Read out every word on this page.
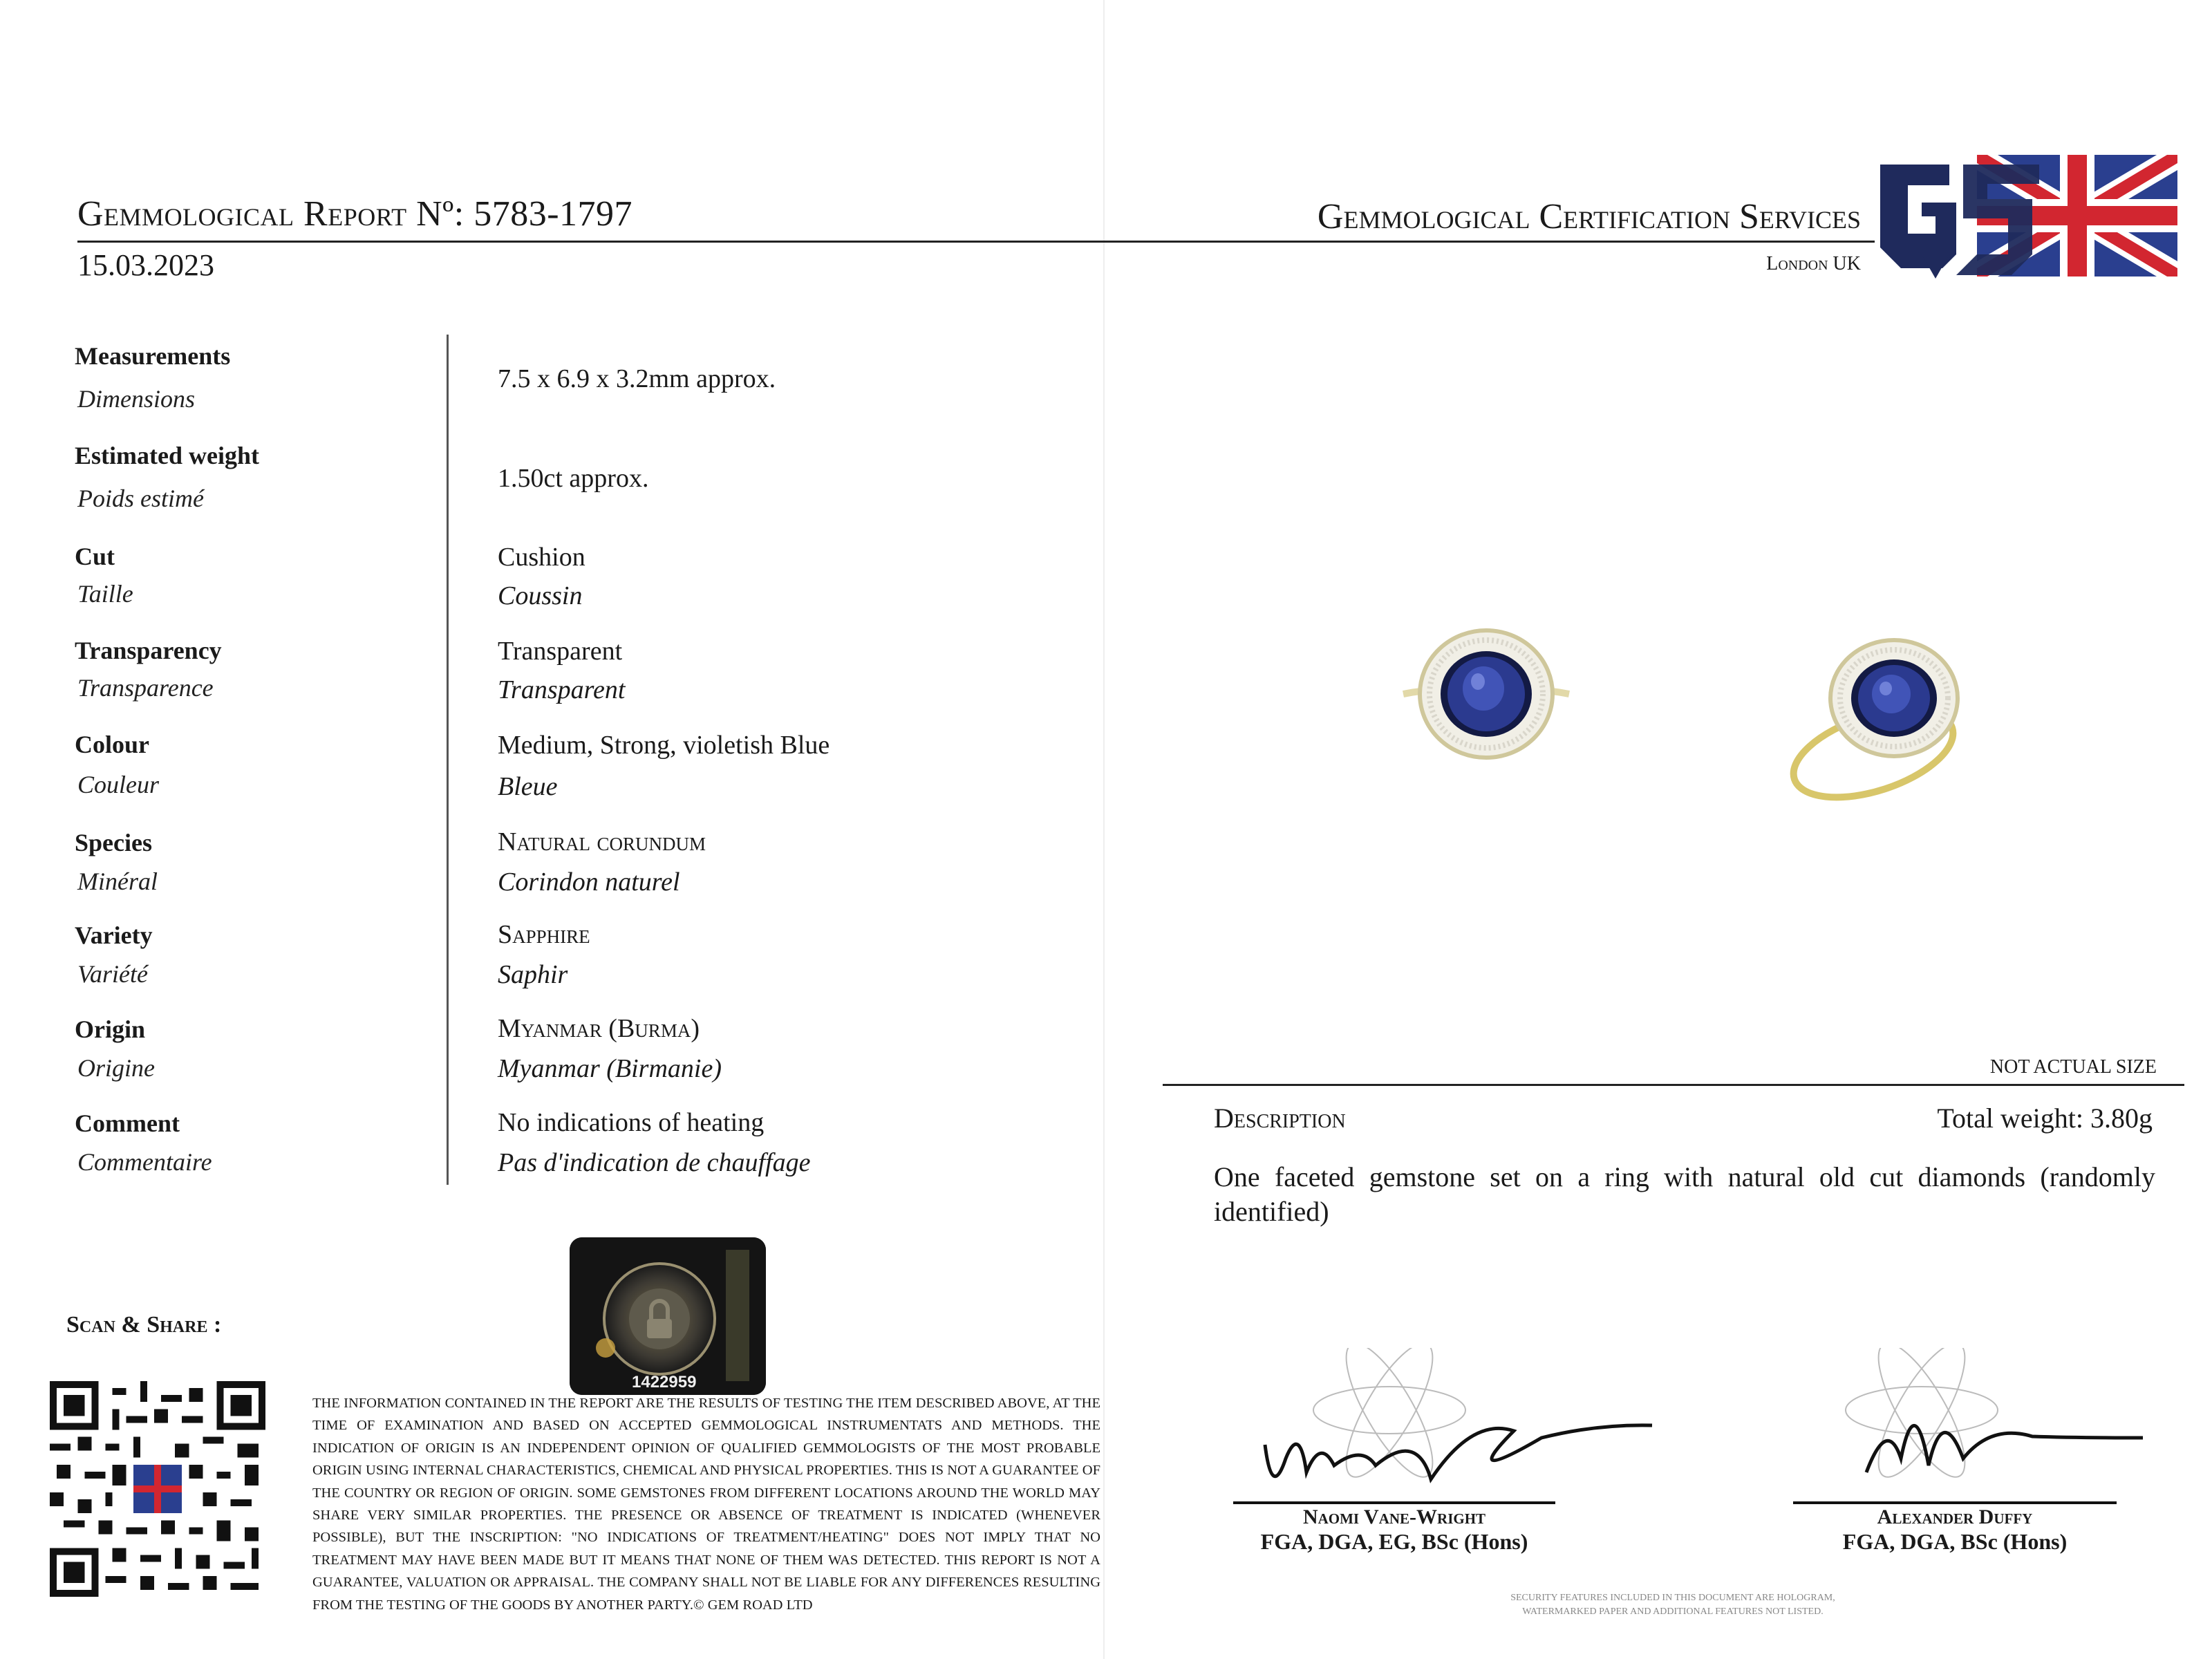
Gemmological Report Nº: 5783-1797
15.03.2023
Gemmological Certification Services
London UK
Measurements
Dimensions
7.5 x 6.9 x 3.2mm approx.
Estimated weight
Poids estimé
1.50ct approx.
Cut
Taille
Cushion
Coussin
Transparency
Transparence
Transparent
Transparent
Colour
Couleur
Medium, Strong, violetish Blue
Bleue
Species
Minéral
Natural corundum
Corindon naturel
Variety
Variété
Sapphire
Saphir
Origin
Origine
Myanmar (Burma)
Myanmar (Birmanie)
Comment
Commentaire
No indications of heating
Pas d'indication de chauffage
NOT ACTUAL SIZE
Description	Total weight: 3.80g
One faceted gemstone set on a ring with natural old cut diamonds (randomly identified)
Naomi Vane-Wright
FGA, DGA, EG, BSc (Hons)
Alexander Duffy
FGA, DGA, BSc (Hons)
SECURITY FEATURES INCLUDED IN THIS DOCUMENT ARE HOLOGRAM, WATERMARKED PAPER AND ADDITIONAL FEATURES NOT LISTED.
Scan & Share :
1422959
THE INFORMATION CONTAINED IN THE REPORT ARE THE RESULTS OF TESTING THE ITEM DESCRIBED ABOVE, AT THE TIME OF EXAMINATION AND BASED ON ACCEPTED GEMMOLOGICAL INSTRUMENTATS AND METHODS. THE INDICATION OF ORIGIN IS AN INDEPENDENT OPINION OF QUALIFIED GEMMOLOGISTS OF THE MOST PROBABLE ORIGIN USING INTERNAL CHARACTERISTICS, CHEMICAL AND PHYSICAL PROPERTIES. THIS IS NOT A GUARANTEE OF THE COUNTRY OR REGION OF ORIGIN. SOME GEMSTONES FROM DIFFERENT LOCATIONS AROUND THE WORLD MAY SHARE VERY SIMILAR PROPERTIES. THE PRESENCE OR ABSENCE OF TREATMENT IS INDICATED (WHENEVER POSSIBLE), BUT THE INSCRIPTION: "NO INDICATIONS OF TREATMENT/HEATING" DOES NOT IMPLY THAT NO TREATMENT MAY HAVE BEEN MADE BUT IT MEANS THAT NONE OF THEM WAS DETECTED. THIS REPORT IS NOT A GUARANTEE, VALUATION OR APPRAISAL. THE COMPANY SHALL NOT BE LIABLE FOR ANY DIFFERENCES RESULTING FROM THE TESTING OF THE GOODS BY ANOTHER PARTY.© GEM ROAD LTD
